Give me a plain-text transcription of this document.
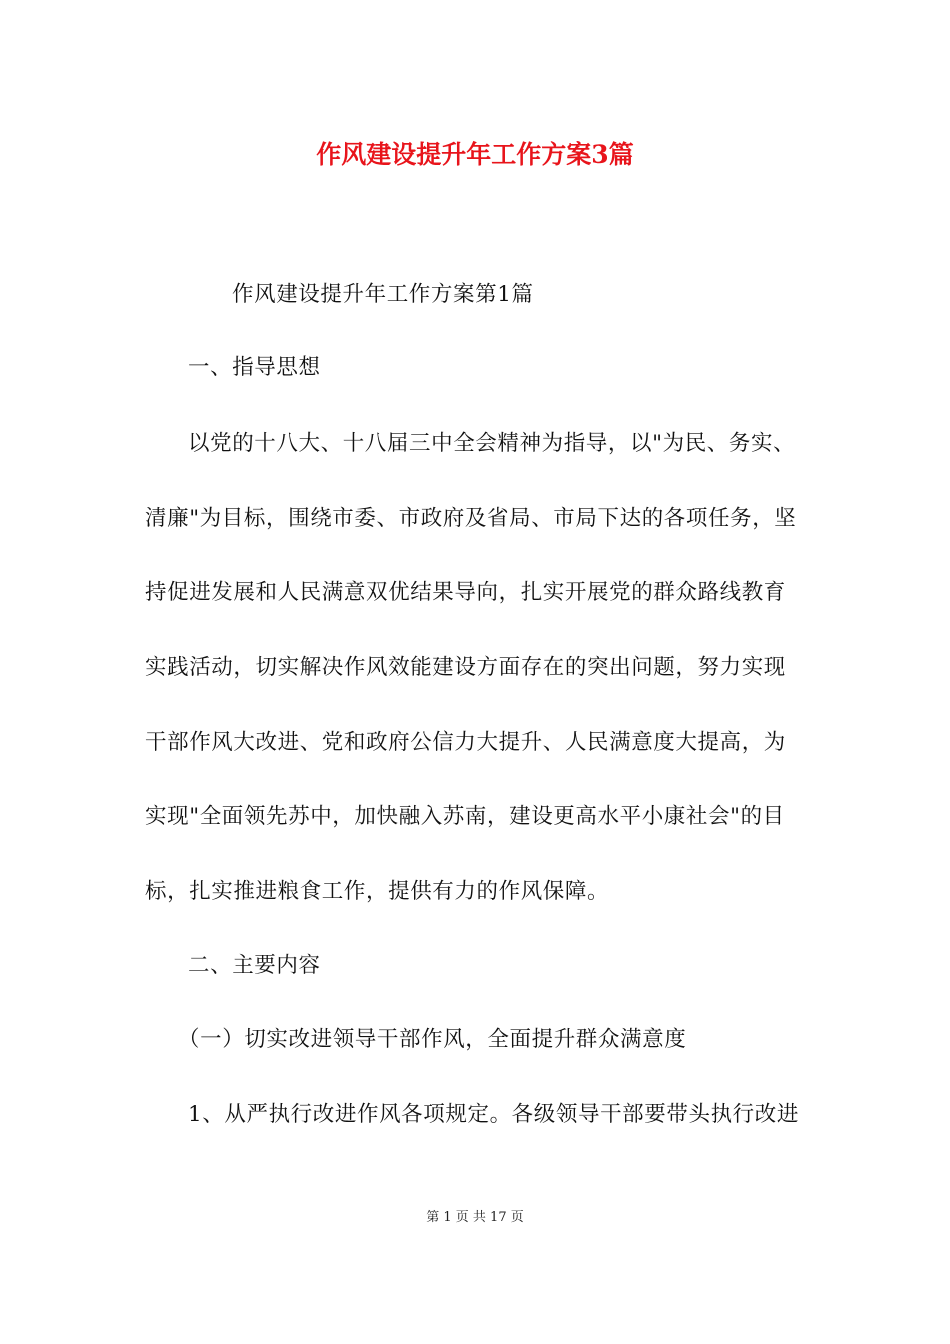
作风建设提升年工作方案3篇
作风建设提升年工作方案第1篇
一、指导思想
以党的十八大、十八届三中全会精神为指导，以"为民、务实、
清廉"为目标，围绕市委、市政府及省局、市局下达的各项任务，坚
持促进发展和人民满意双优结果导向，扎实开展党的群众路线教育
实践活动，切实解决作风效能建设方面存在的突出问题，努力实现
干部作风大改进、党和政府公信力大提升、人民满意度大提高，为
实现"全面领先苏中，加快融入苏南，建设更高水平小康社会"的目
标，扎实推进粮食工作，提供有力的作风保障。
二、主要内容
（一）切实改进领导干部作风，全面提升群众满意度
1、从严执行改进作风各项规定。各级领导干部要带头执行改进
第 1 页 共 17 页
